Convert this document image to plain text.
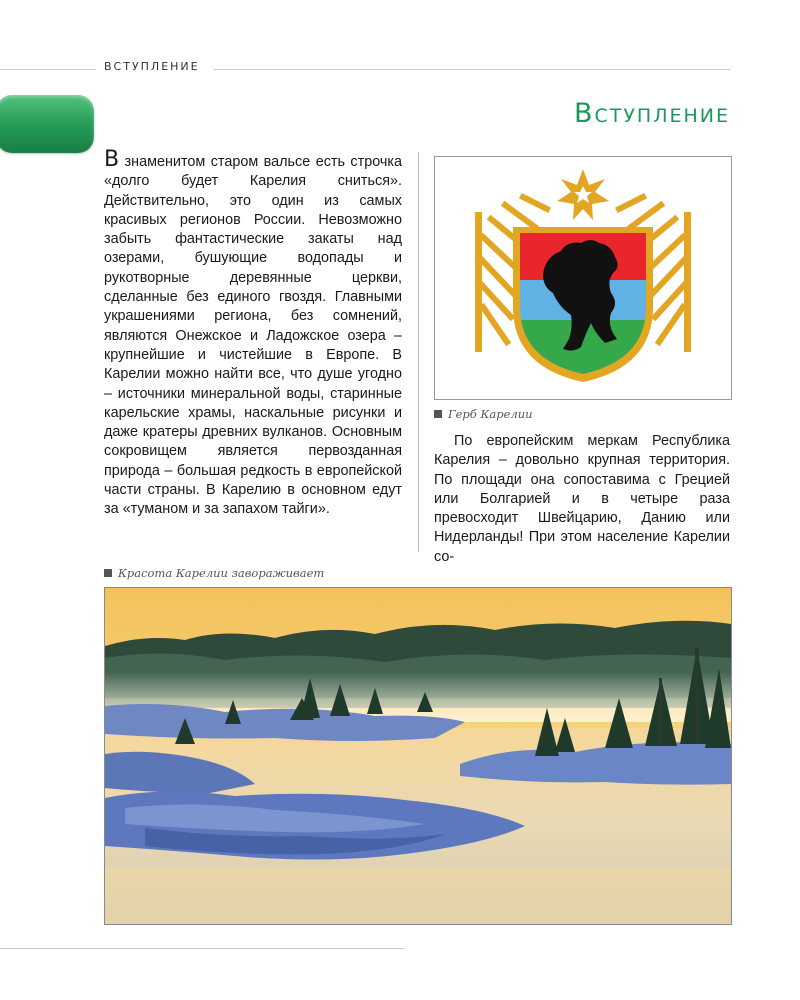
ВСТУПЛЕНИЕ
Вступление
В знаменитом старом вальсе есть строчка «долго будет Карелия сниться». Действительно, это один из самых красивых регионов России. Невозможно забыть фантастические закаты над озерами, бушующие водопады и рукотворные деревянные церкви, сделанные без единого гвоздя. Главными украшениями региона, без сомнений, являются Онежское и Ладожское озера – крупнейшие и чистейшие в Европе. В Карелии можно найти все, что душе угодно – источники минеральной воды, старинные карельские храмы, наскальные рисунки и даже кратеры древних вулканов. Основным сокровищем является первозданная природа – большая редкость в европейской части страны. В Карелию в основном едут за «туманом и за запахом тайги».
Герб Карелии

По европейским меркам Республика Карелия – довольно крупная территория. По площади она сопоставима с Грецией или Болгарией и в четыре раза превосходит Швейцарию, Данию или Нидерланды! При этом население Карелии со-

Красота Карелии завораживает
